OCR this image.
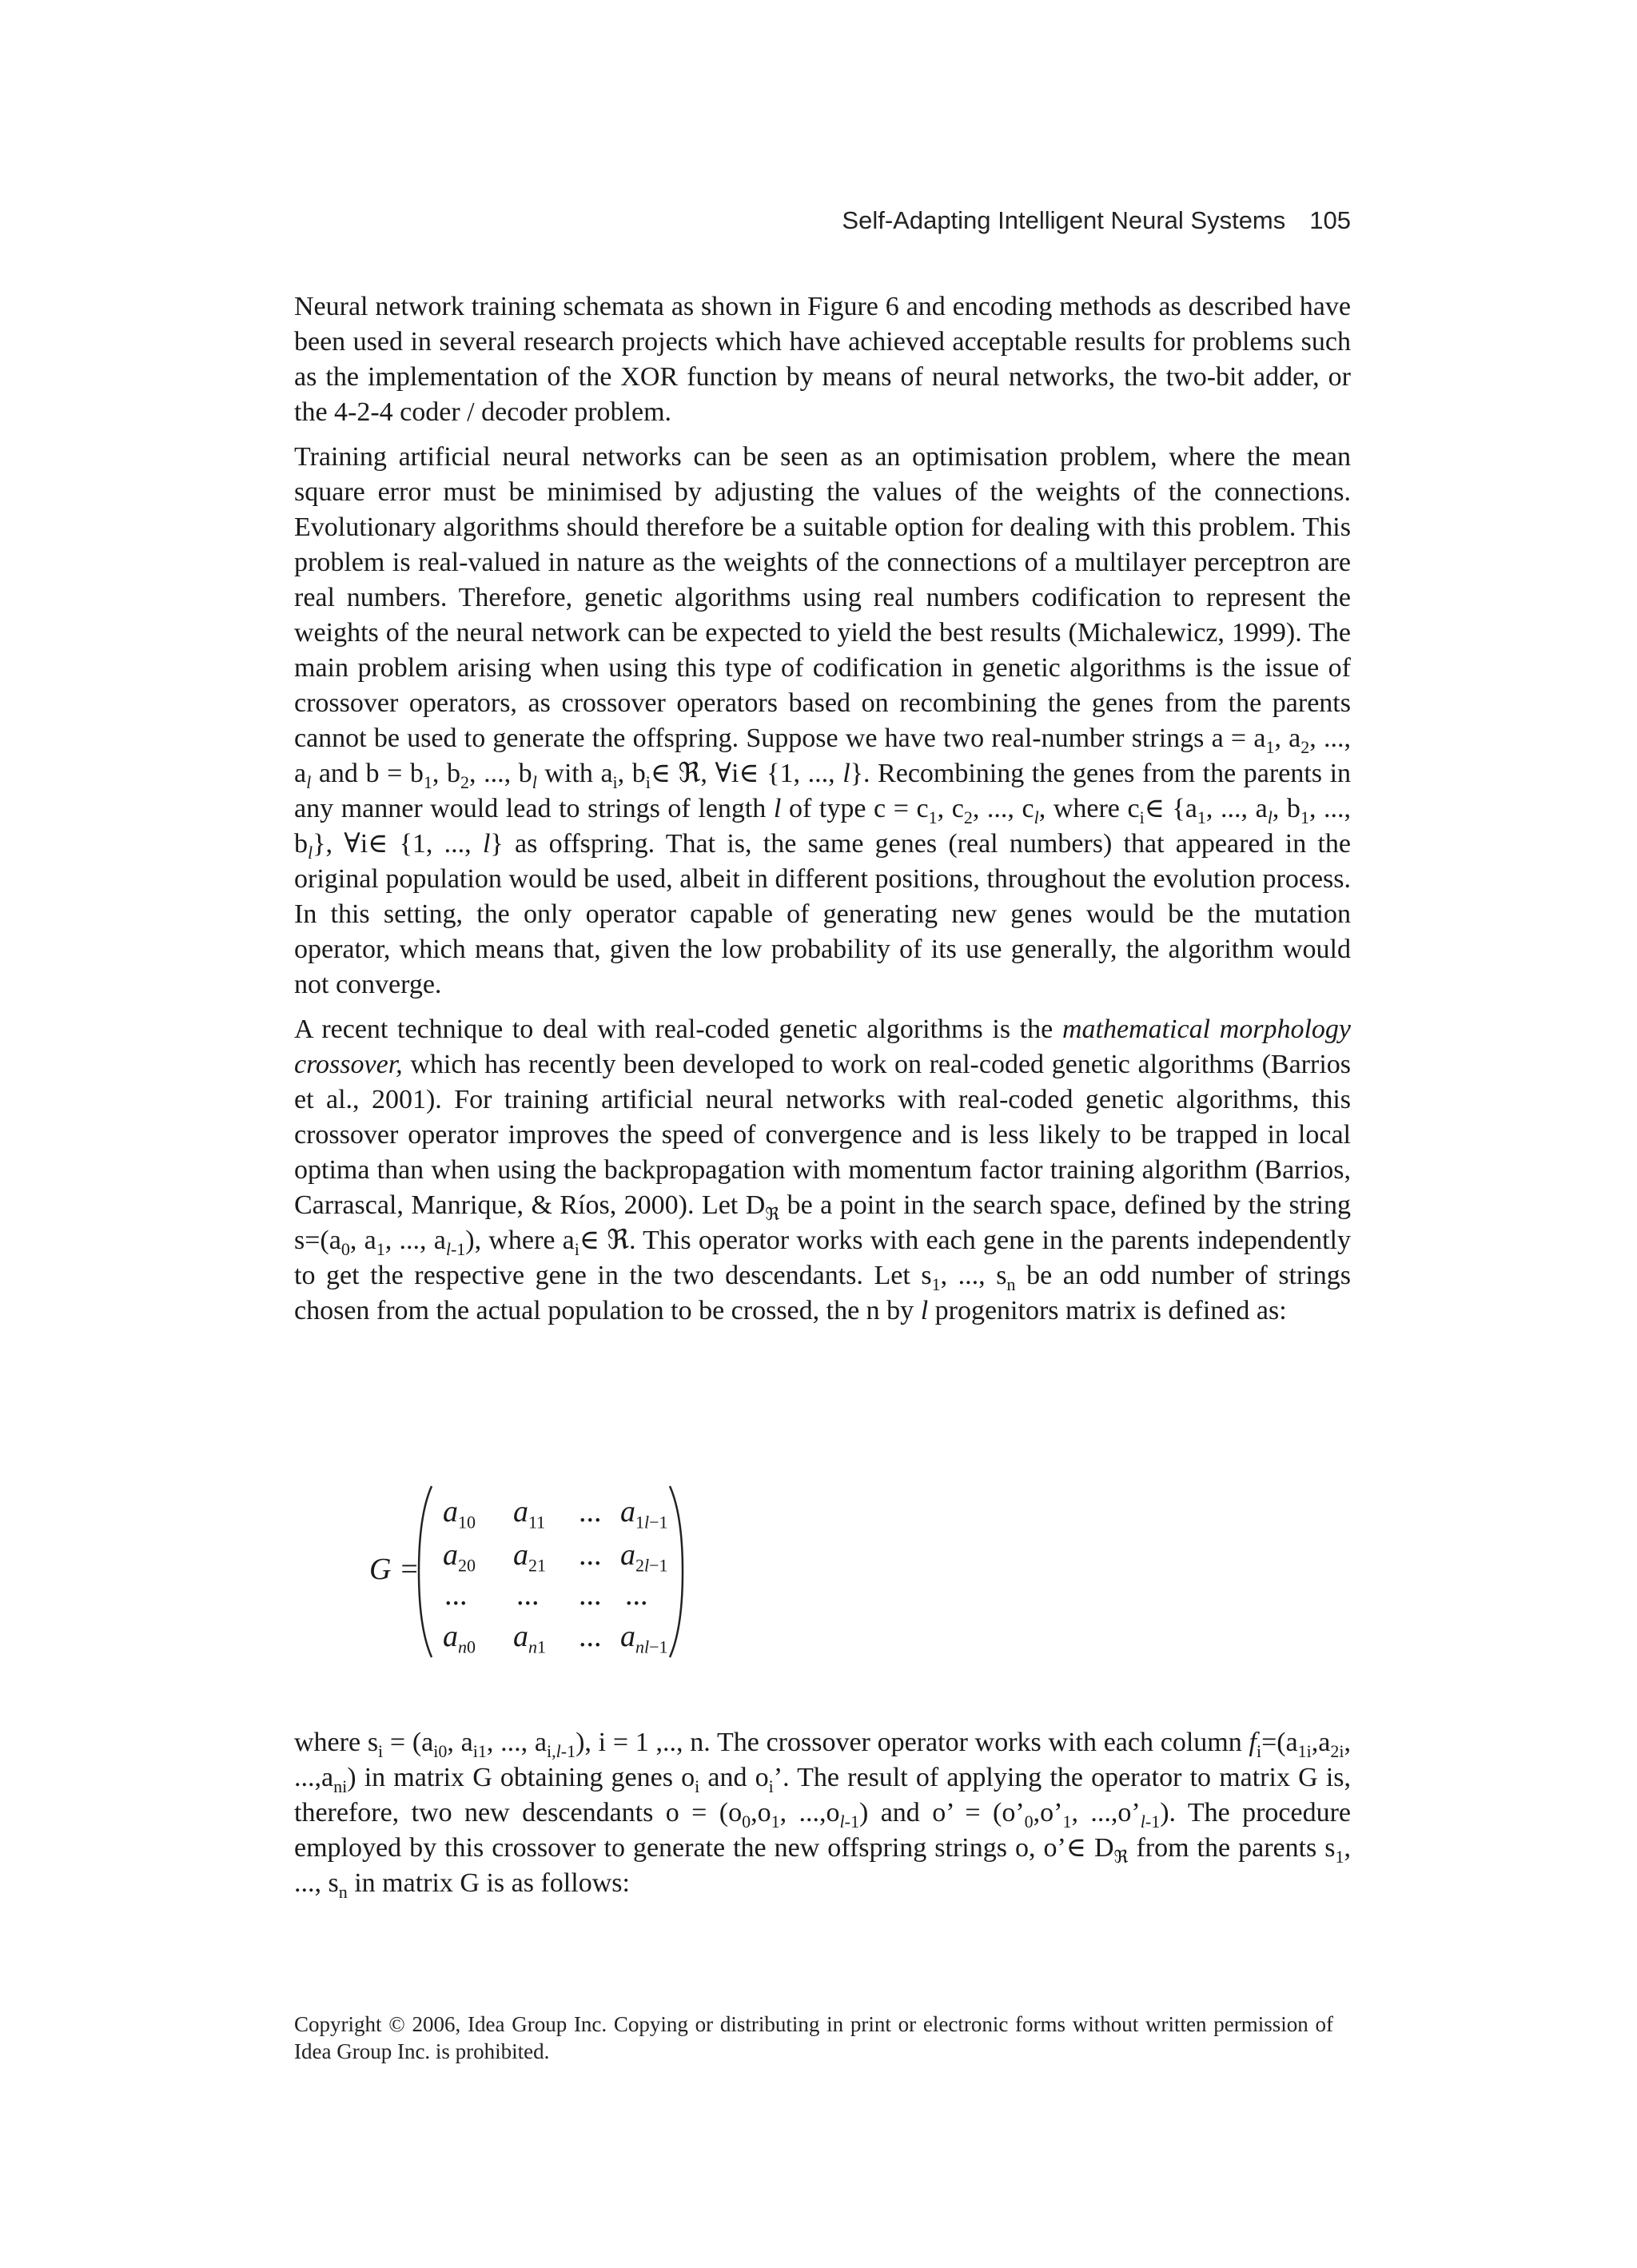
Self-Adapting Intelligent Neural Systems 105

Neural network training schemata as shown in Figure 6 and encoding methods as described have been used in several research projects which have achieved acceptable results for problems such as the implementation of the XOR function by means of neural networks, the two-bit adder, or the 4-2-4 coder / decoder problem.

Training artificial neural networks can be seen as an optimisation problem, where the mean square error must be minimised by adjusting the values of the weights of the connections. Evolutionary algorithms should therefore be a suitable option for dealing with this problem. This problem is real-valued in nature as the weights of the connections of a multilayer perceptron are real numbers. Therefore, genetic algorithms using real numbers codification to represent the weights of the neural network can be expected to yield the best results (Michalewicz, 1999). The main problem arising when using this type of codification in genetic algorithms is the issue of crossover operators, as crossover operators based on recombining the genes from the parents cannot be used to generate the offspring. Suppose we have two real-number strings $a = a_1$, $a_2$, ..., $a_l$ and $b = b_1$, $b_2$, ..., $b_l$ with $a_i$, $b_i\in$ ℜ, ∀i∈ {1, ..., l}. Recombining the genes from the parents in any manner would lead to strings of length l of type $c = c_1$, $c_2$, ..., $c_l$, where $c_i\in$ {$a_1$, ..., $a_l$, $b_1$, ..., $b_l$}, ∀i∈ {1, ..., l} as offspring. That is, the same genes (real numbers) that appeared in the original population would be used, albeit in different positions, throughout the evolution process. In this setting, the only operator capable of generating new genes would be the mutation operator, which means that, given the low probability of its use generally, the algorithm would not converge.

A recent technique to deal with real-coded genetic algorithms is the mathematical morphology crossover, which has recently been developed to work on real-coded genetic algorithms (Barrios et al., 2001). For training artificial neural networks with real-coded genetic algorithms, this crossover operator improves the speed of convergence and is less likely to be trapped in local optima than when using the backpropagation with momentum factor training algorithm (Barrios, Carrascal, Manrique, & Ríos, 2000). Let $D_ℜ$ be a point in the search space, defined by the string $s=(a_0$, $a_1$, ..., $a_{l-1}$), where $a_i\in$ ℜ. This operator works with each gene in the parents independently to get the respective gene in the two descendants. Let $s_1$, ..., $s_n$ be an odd number of strings chosen from the actual population to be crossed, the n by l progenitors matrix is defined as:

G =
$a_{10}$ $a_{11}$ ... $a_{1l-1}$
$a_{20}$ $a_{21}$ ... $a_{2l-1}$
... ... ... ...
$a_{n0}$ $a_{n1}$ ... $a_{nl-1}$

where $s_i = (a_{i0}$, $a_{i1}$, ..., $a_{i,l-1}$), i = 1 ,.., n. The crossover operator works with each column $f_i=(a_{1i},a_{2i}$, $...,a_{ni}$) in matrix G obtaining genes $o_i$ and $o_i$’. The result of applying the operator to matrix G is, therefore, two new descendants $o = (o_0,o_1$, $...,o_{l-1}$) and o’ = ($o’_0,o’_1$, $...,o’_{l-1}$). The procedure employed by this crossover to generate the new offspring strings o, o’∈ $D_ℜ$ from the parents $s_1$, ..., $s_n$ in matrix G is as follows:

Copyright © 2006, Idea Group Inc. Copying or distributing in print or electronic forms without written permission of Idea Group Inc. is prohibited.
